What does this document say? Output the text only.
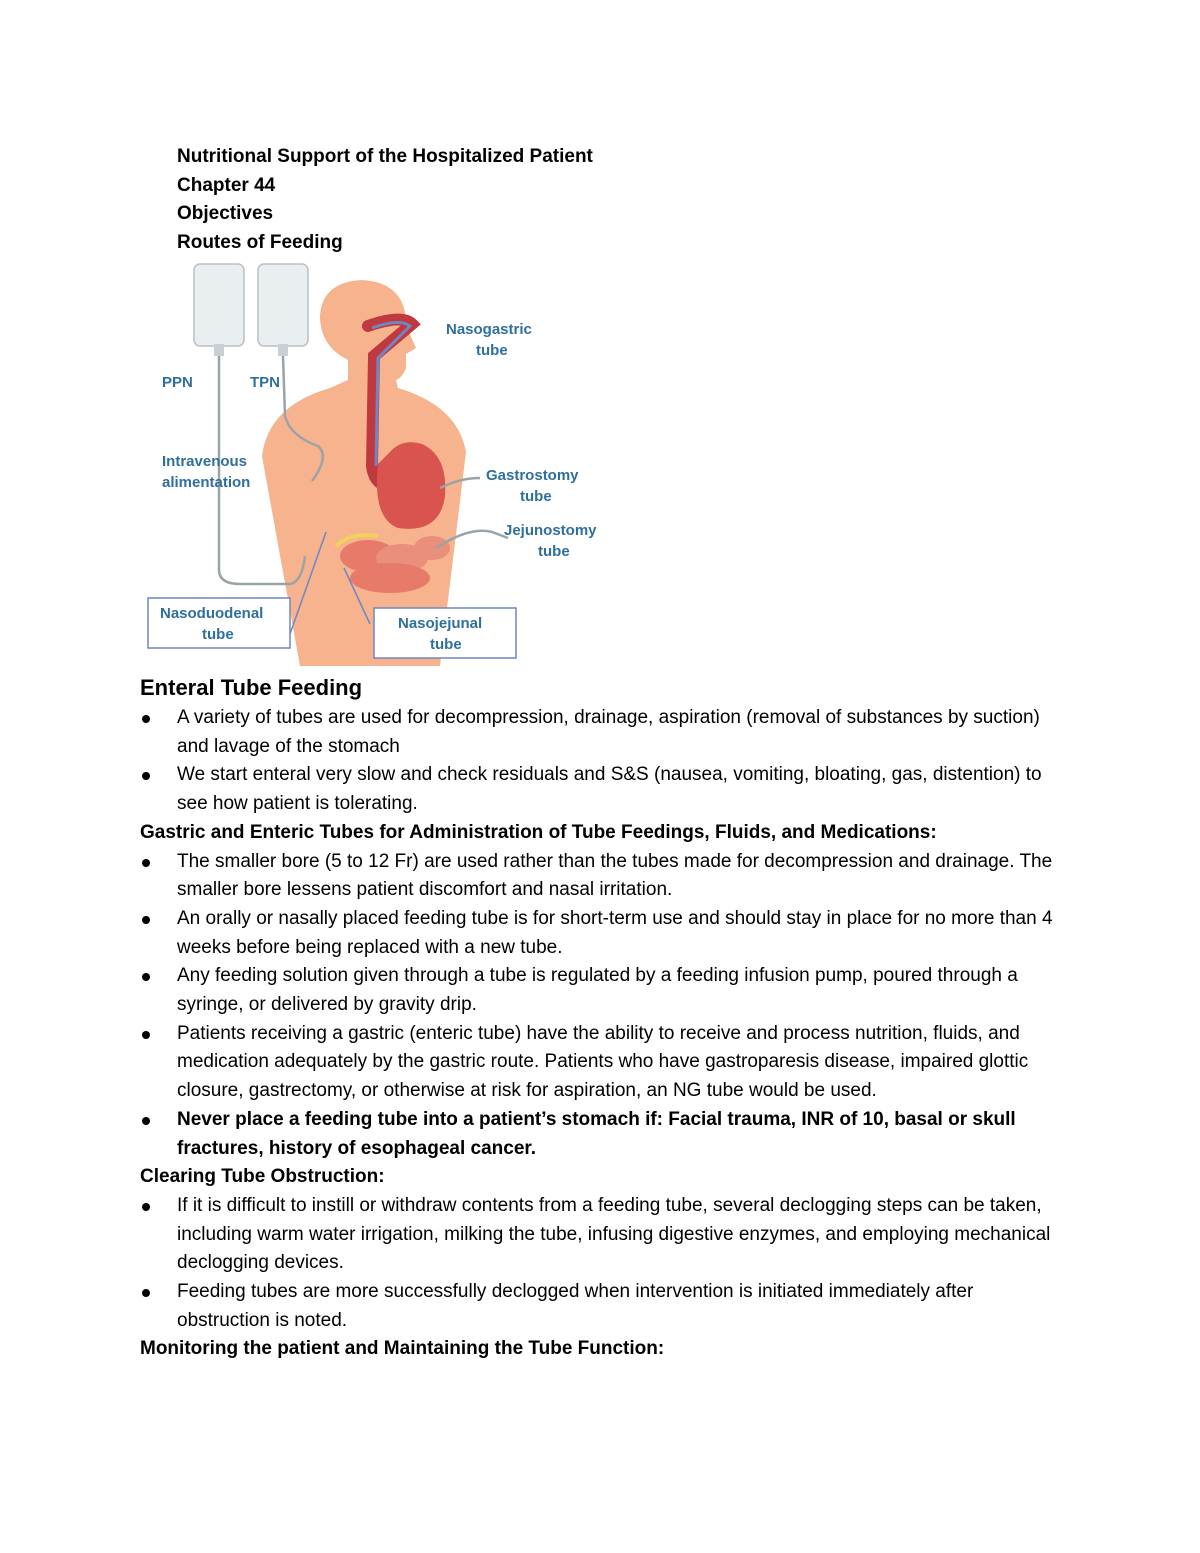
Nutritional Support of the Hospitalized Patient
Chapter 44
Objectives
Routes of Feeding
PPN	TPN
Intravenous
alimentation
Nasogastric
tube
Gastrostomy
tube
Jejunostomy
tube
Nasoduodenal
tube
Nasojejunal
tube
Enteral Tube Feeding
A variety of tubes are used for decompression, drainage, aspiration (removal of substances by suction) and lavage of the stomach
We start enteral very slow and check residuals and S&S (nausea, vomiting, bloating, gas, distention) to see how patient is tolerating.

Gastric and Enteric Tubes for Administration of Tube Feedings, Fluids, and Medications:

The smaller bore (5 to 12 Fr) are used rather than the tubes made for decompression and drainage. The smaller bore lessens patient discomfort and nasal irritation.
An orally or nasally placed feeding tube is for short-term use and should stay in place for no more than 4 weeks before being replaced with a new tube.
Any feeding solution given through a tube is regulated by a feeding infusion pump, poured through a syringe, or delivered by gravity drip.
Patients receiving a gastric (enteric tube) have the ability to receive and process nutrition, fluids, and medication adequately by the gastric route. Patients who have gastroparesis disease, impaired glottic closure, gastrectomy, or otherwise at risk for aspiration, an NG tube would be used.
Never place a feeding tube into a patient’s stomach if: Facial trauma, INR of 10, basal or skull fractures, history of esophageal cancer.

Clearing Tube Obstruction:

If it is difficult to instill or withdraw contents from a feeding tube, several declogging steps can be taken, including warm water irrigation, milking the tube, infusing digestive enzymes, and employing mechanical declogging devices.
Feeding tubes are more successfully declogged when intervention is initiated immediately after obstruction is noted.

Monitoring the patient and Maintaining the Tube Function:
